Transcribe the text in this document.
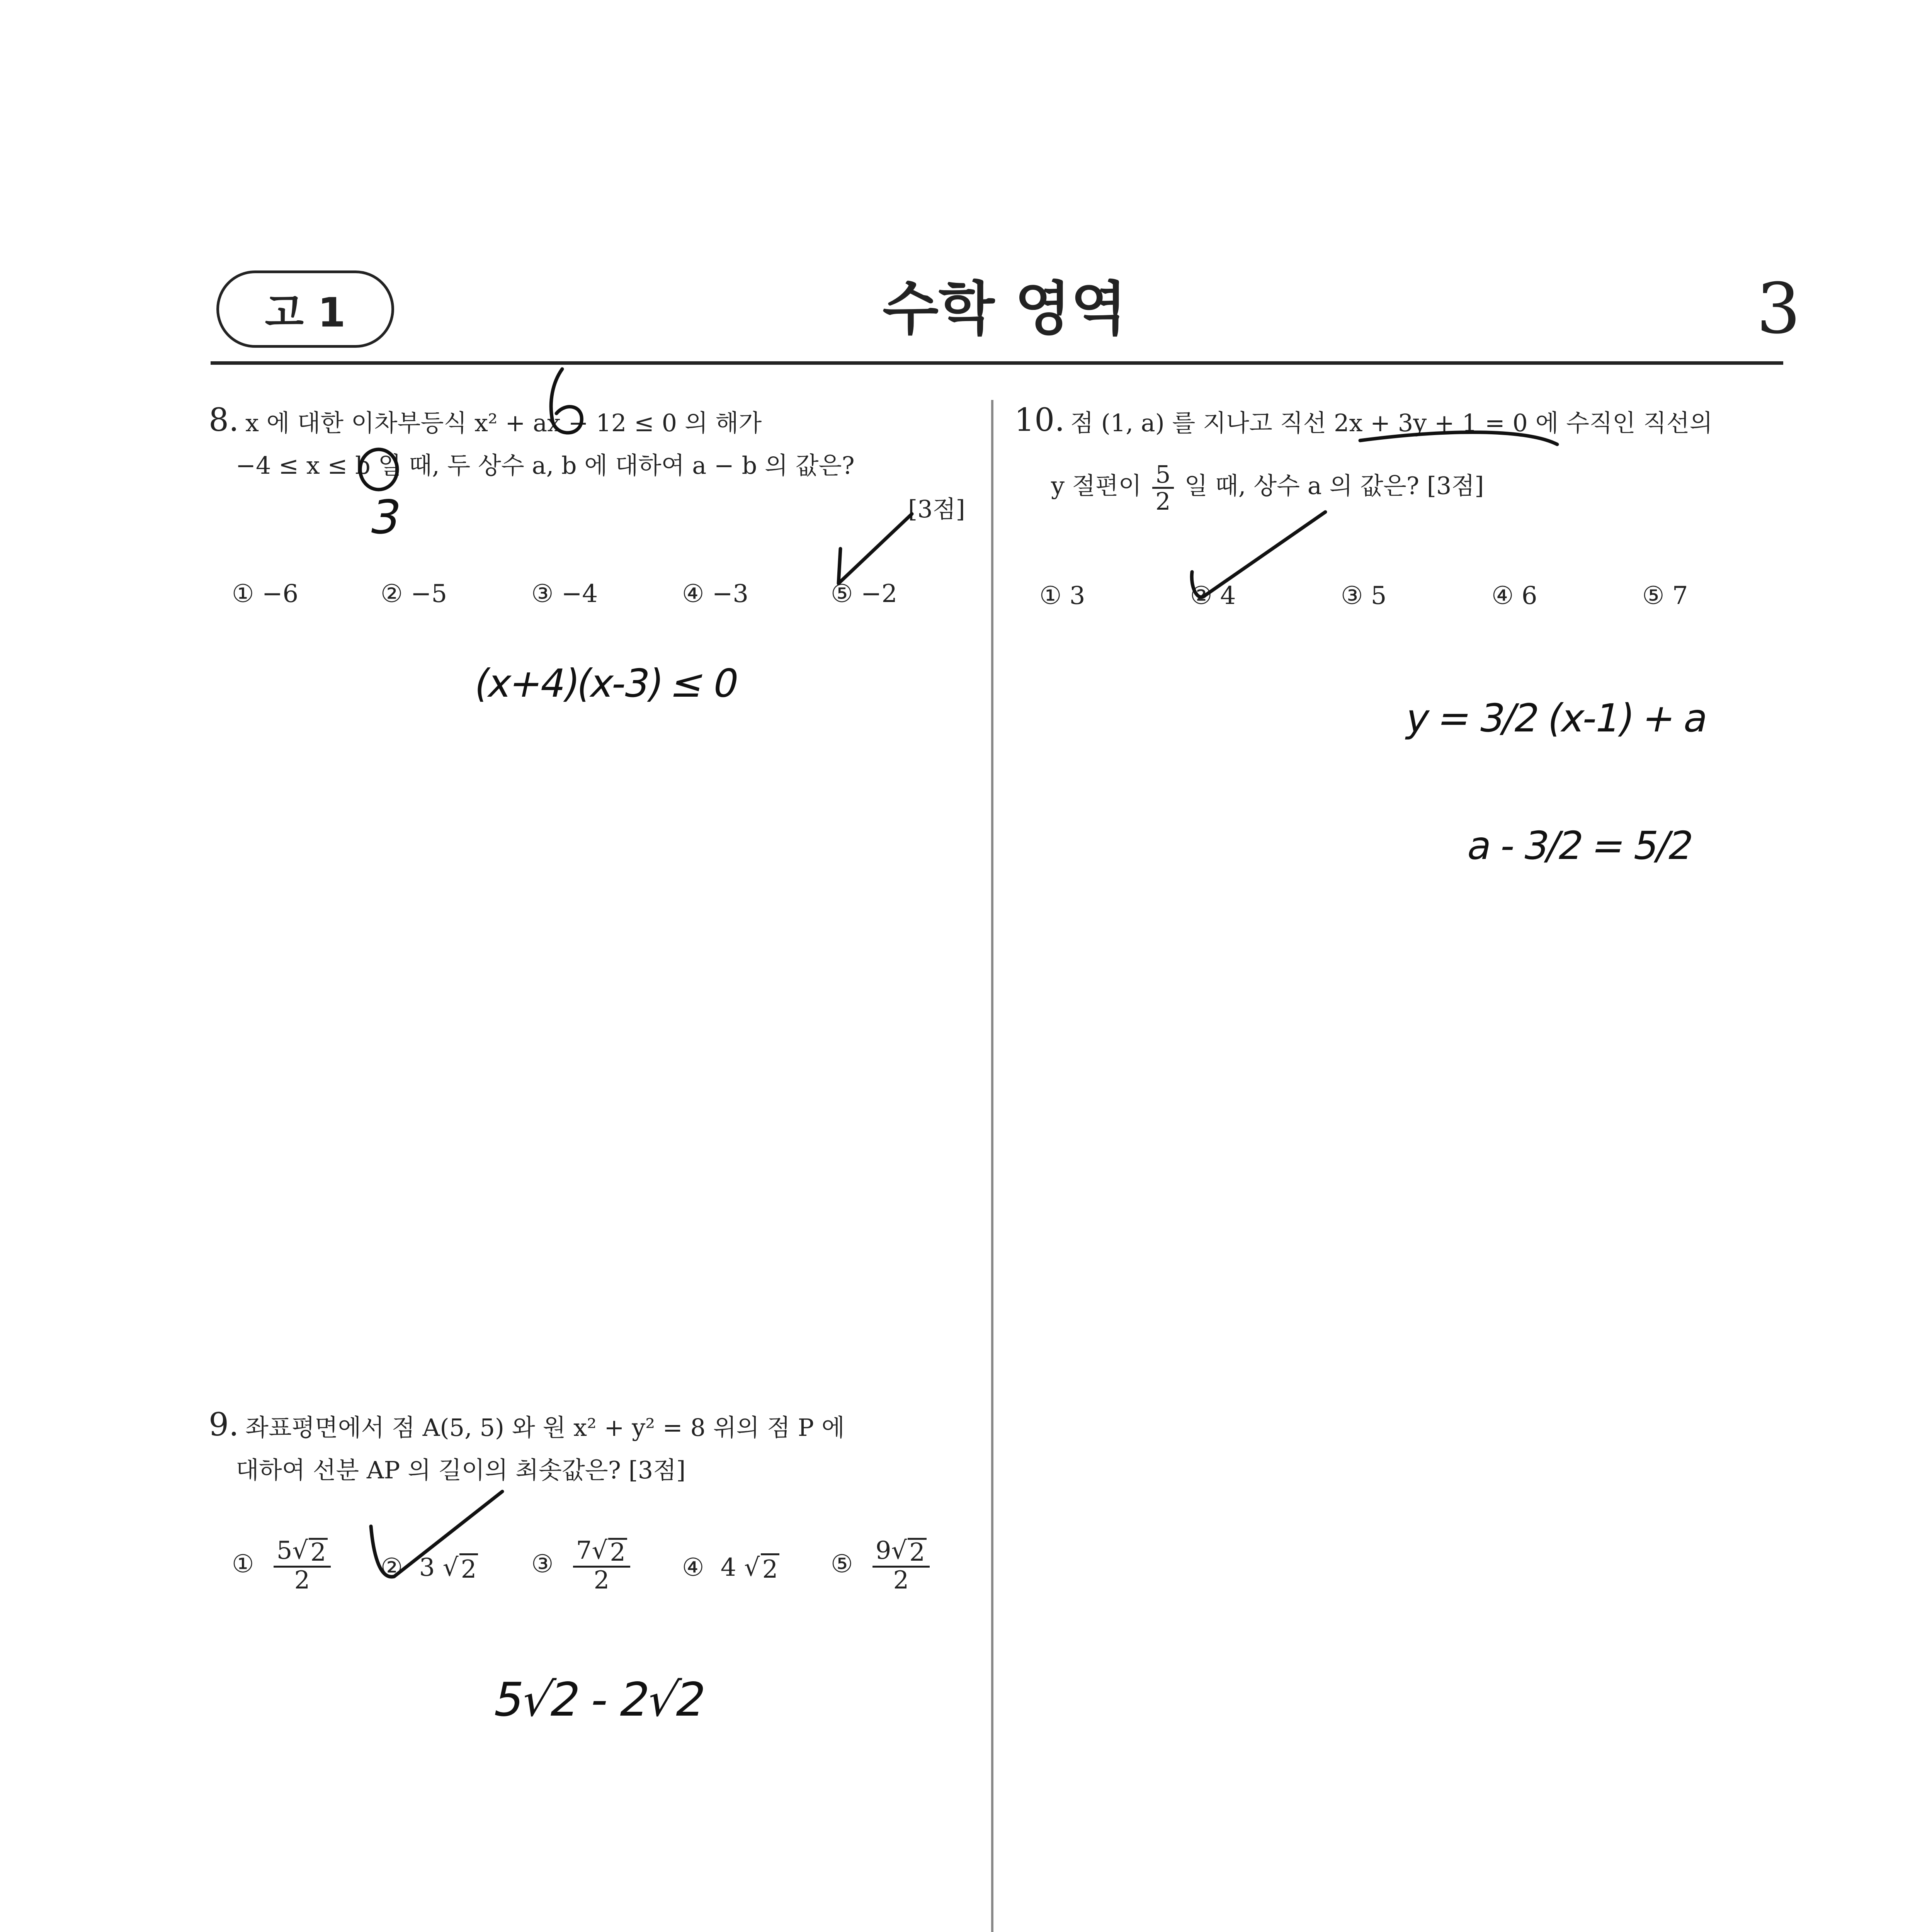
고 1	수학 영역	3
8. x 에 대한 이차부등식 x² + ax − 12 ≤ 0 의 해가
−4 ≤ x ≤ b 일 때, 두 상수 a, b 에 대하여 a − b 의 값은?
[3점]
① −6	② −5	③ −4	④ −3	⑤ −2
9. 좌표평면에서 점 A(5, 5) 와 원 x² + y² = 8 위의 점 P 에
대하여 선분 AP 의 길이의 최솟값은? [3점]
① $\frac{5√ 2}{2}$ ② 3 √ 2 ③ $\frac{7√ 2}{2}$ ④ 4 √ 2 ⑤ $\frac{9√ 2}{2}$
10. 점 (1, a) 를 지나고 직선 2x + 3y + 1 = 0 에 수직인 직선의
y 절편이 $\frac{5}{2}$ 일 때, 상수 a 의 값은? [3점]
① 3	② 4	③ 5	④ 6	⑤ 7
3
(x+4)(x-3) ≤ 0
5√2 - 2√2
y = 3/2 (x-1) + a
a - 3/2 = 5/2
